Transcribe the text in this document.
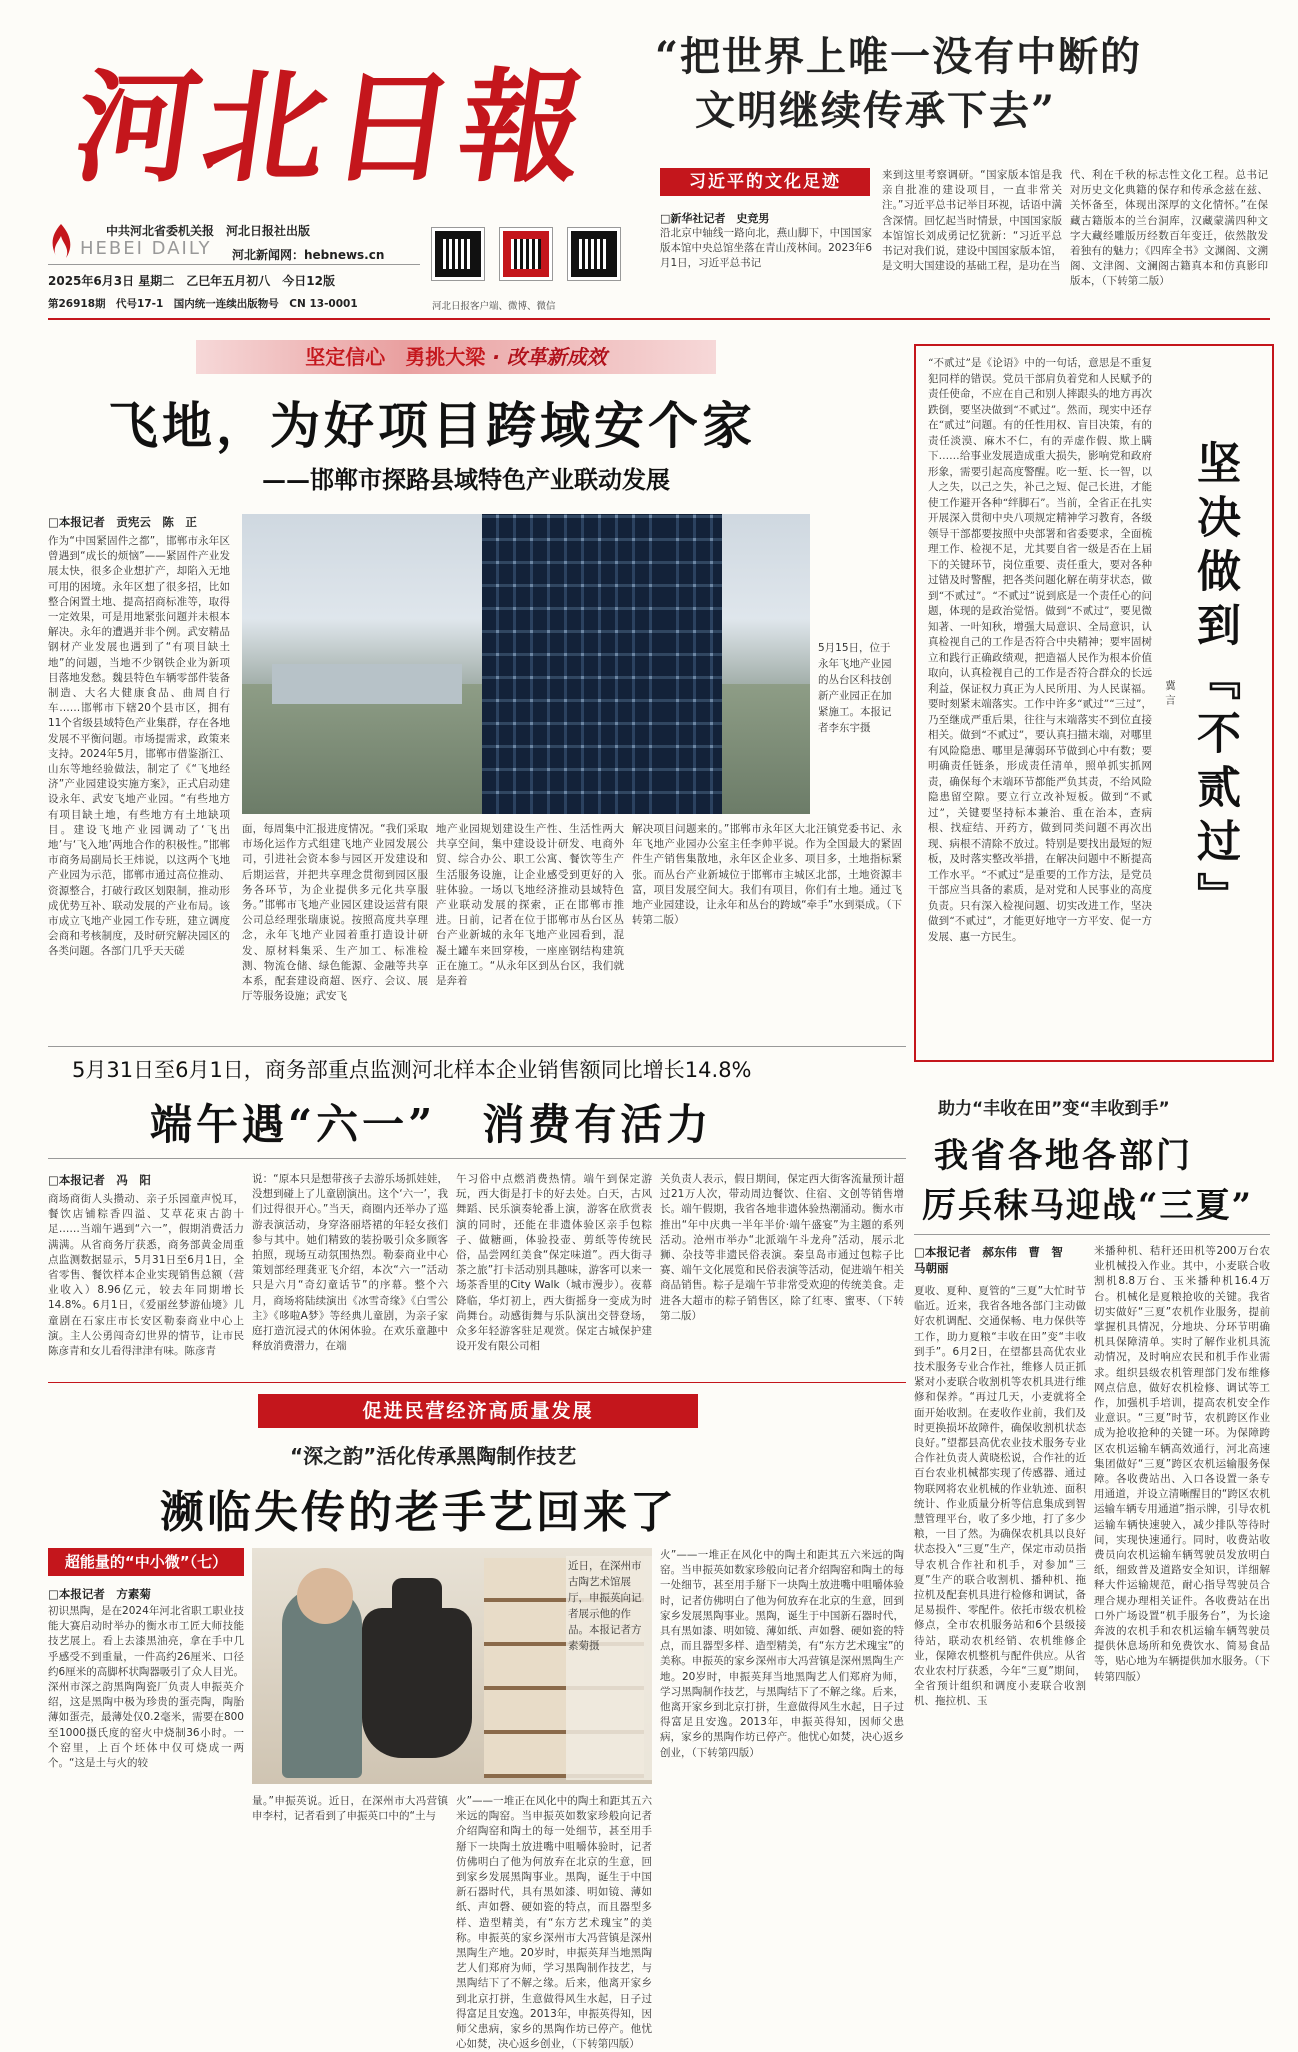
河北日報
中共河北省委机关报　河北日报社出版
HEBEI DAILY 河北新闻网：hebnews.cn
2025年6月3日 星期二　乙巳年五月初八　今日12版
第26918期　代号17-1　国内统一连续出版物号　CN 13-0001	河北日报客户端、微博、微信
“把世界上唯一没有中断的
文明继续传承下去”
习近平的文化足迹
□新华社记者　史竞男
沿北京中轴线一路向北，燕山脚下，中国国家版本馆中央总馆坐落在青山茂林间。2023年6月1日，习近平总书记
来到这里考察调研。“国家版本馆是我亲自批准的建设项目，一直非常关注。”习近平总书记举目环视，话语中满含深情。回忆起当时情景，中国国家版本馆馆长刘成勇记忆犹新：“习近平总书记对我们说，建设中国国家版本馆，是文明大国建设的基础工程，是功在当
代、利在千秋的标志性文化工程。总书记对历史文化典籍的保存和传承念兹在兹、关怀备至，体现出深厚的文化情怀。”在保藏古籍版本的兰台洞库，汉藏蒙满四种文字大藏经雕版历经数百年变迁，依然散发着独有的魅力；《四库全书》文渊阁、文溯阁、文津阁、文澜阁古籍真本和仿真影印版本，（下转第二版）
坚定信心　勇挑大梁 · 改革新成效
飞地，为好项目跨域安个家
——邯郸市探路县域特色产业联动发展
□本报记者　贡宪云　陈　正
作为“中国紧固件之都”，邯郸市永年区曾遇到“成长的烦恼”——紧固件产业发展太快，很多企业想扩产，却陷入无地可用的困境。永年区想了很多招，比如整合闲置土地、提高招商标准等，取得一定效果，可是用地紧张问题并未根本解决。永年的遭遇并非个例。武安精品钢材产业发展也遇到了“有项目缺土地”的问题，当地不少钢铁企业为新项目落地发愁。魏县特色车辆零部件装备制造、大名大健康食品、曲周自行车……邯郸市下辖20个县市区，拥有11个省级县域特色产业集群，存在各地发展不平衡问题。市场提需求，政策来支持。2024年5月，邯郸市借鉴浙江、山东等地经验做法，制定了《“飞地经济”产业园建设实施方案》，正式启动建设永年、武安飞地产业园。“有些地方有项目缺土地，有些地方有土地缺项目。建设飞地产业园调动了‘飞出地’与‘飞入地’两地合作的积极性。”邯郸市商务局副局长王炜说，以这两个飞地产业园为示范，邯郸市通过高位推动、资源整合，打破行政区划限制，推动形成优势互补、联动发展的产业布局。该市成立飞地产业园工作专班，建立调度会商和考核制度，及时研究解决园区的各类问题。各部门几乎天天磋
5月15日，位于永年飞地产业园的丛台区科技创新产业园正在加紧施工。本报记者李东宇摄
面，每周集中汇报进度情况。“我们采取市场化运作方式组建飞地产业园发展公司，引进社会资本参与园区开发建设和后期运营，并把共享理念贯彻到园区服务各环节，为企业提供多元化共享服务。”邯郸市飞地产业园区建设运营有限公司总经理张瑞康说。按照高度共享理念，永年飞地产业园着重打造设计研发、原材料集采、生产加工、标准检测、物流仓储、绿色能源、金融等共享本系，配套建设商超、医疗、会议、展厅等服务设施；武安飞
地产业园规划建设生产性、生活性两大共享空间，集中建设设计研发、电商外贸、综合办公、职工公寓、餐饮等生产生活服务设施，让企业感受到更好的入驻体验。一场以飞地经济推动县域特色产业联动发展的探索，正在邯郸市推进。日前，记者在位于邯郸市丛台区丛台产业新城的永年飞地产业园看到，混凝土罐车来回穿梭，一座座钢结构建筑正在施工。“从永年区到丛台区，我们就是奔着
解决项目问题来的。”邯郸市永年区大北汪镇党委书记、永年飞地产业园办公室主任李帅平说。作为全国最大的紧固件生产销售集散地，永年区企业多、项目多，土地指标紧张。而丛台产业新城位于邯郸市主城区北部，土地资源丰富，项目发展空间大。我们有项目，你们有土地。通过飞地产业园建设，让永年和丛台的跨域“牵手”水到渠成。（下转第二版）
“不贰过”是《论语》中的一句话，意思是不重复犯同样的错误。党员干部肩负着党和人民赋予的责任使命，不应在自己和别人摔跟头的地方再次跌倒，要坚决做到“不贰过”。然而，现实中还存在“贰过”问题。有的任性用权、盲目决策，有的责任淡漠、麻木不仁，有的弄虚作假、欺上瞒下……给事业发展造成重大损失，影响党和政府形象，需要引起高度警醒。吃一堑、长一智，以人之失，以己之失，补己之短、促己长进，才能使工作避开各种“绊脚石”。当前，全省正在扎实开展深入贯彻中央八项规定精神学习教育，各级领导干部都要按照中央部署和省委要求，全面梳理工作、检视不足，尤其要自省一级是否在上届下的关键环节，岗位重要、责任重大，要对各种过错及时警醒，把各类问题化解在萌芽状态，做到“不贰过”。“不贰过”说到底是一个责任心的问题，体现的是政治觉悟。做到“不贰过”，要见微知著、一叶知秋，增强大局意识、全局意识，认真检视自己的工作是否符合中央精神；要牢固树立和践行正确政绩观，把造福人民作为根本价值取向，认真检视自己的工作是否符合群众的长远利益，保证权力真正为人民所用、为人民谋福。要时刻紧末端落实。工作中许多“贰过”“三过”，乃至继成严重后果，往往与末端落实不到位直接相关。做到“不贰过”，要认真扫描末端，对哪里有风险隐患、哪里是薄弱环节做到心中有数；要明确责任链条，形成责任清单，照单抓实抓网责，确保每个末端环节都能严负其责，不给风险隐患留空隙。要立行立改补短板。做到“不贰过”，关键要坚持标本兼治、重在治本，查病根、找症结、开药方，做到同类问题不再次出现、病根不清除不放过。特别是要找出最短的短板，及时落实整改举措，在解决问题中不断提高工作水平。“不贰过”是重要的工作方法，是党员干部应当具备的素质，是对党和人民事业的高度负责。只有深入检视问题、切实改进工作，坚决做到“不贰过”，才能更好地守一方平安、促一方发展、惠一方民生。
坚决做到『不贰过』
冀言
5月31日至6月1日，商务部重点监测河北样本企业销售额同比增长14.8%
端午遇“六一”　消费有活力
□本报记者　冯　阳
商场商街人头攒动、亲子乐园童声悦耳，餐饮店铺粽香四溢、艾草花束古韵十足……当端午遇到“六一”，假期消费活力满满。从省商务厅获悉，商务部黄金周重点监测数据显示，5月31日至6月1日，全省零售、餐饮样本企业实现销售总额（营业收入）8.96亿元，较去年同期增长14.8%。6月1日，《爱丽丝梦游仙境》儿童剧在石家庄市长安区勒泰商业中心上演。主人公勇闯奇幻世界的情节，让市民陈彦青和女儿看得津津有味。陈彦青
说：“原本只是想带孩子去游乐场抓娃娃，没想到碰上了儿童剧演出。这个‘六一’，我们过得很开心。”当天，商圈内还举办了巡游表演活动，身穿洛丽塔裙的年轻女孩们参与其中。她们精致的装扮吸引众多顾客拍照，现场互动氛围热烈。勒泰商业中心策划部经理龚亚飞介绍，本次“六一”活动只是六月“奇幻童话节”的序幕。整个六月，商场将陆续演出《冰雪奇缘》《白雪公主》《哆啦A梦》等经典儿童剧，为亲子家庭打造沉浸式的休闲体验。在欢乐童趣中释放消费潜力，在端
午习俗中点燃消费热情。端午到保定游玩，西大街是打卡的好去处。白天，古风舞蹈、民乐演奏轮番上演，游客在欣赏表演的同时，还能在非遗体验区亲手包粽子、做糖画，体验投壶、剪纸等传统民俗，品尝网红美食“保定味道”。西大街寻茶之旅”打卡活动别具趣味，游客可以来一场茶香里的City Walk（城市漫步）。夜幕降临，华灯初上，西大街摇身一变成为时尚舞台。动感街舞与乐队演出交替登场，众多年轻游客驻足观赏。保定古城保护建设开发有限公司相
关负责人表示，假日期间，保定西大街客流量预计超过21万人次，带动周边餐饮、住宿、文创等销售增长。端午假期，我省各地非遗体验热潮涌动。衡水市推出“年中庆典一半年半价·端午盛宴”为主题的系列活动。沧州市举办“北派端午斗龙舟”活动，展示北狮、杂技等非遗民俗表演。秦皇岛市通过包粽子比赛、端午文化展览和民俗表演等活动，促进端午相关商品销售。粽子是端午节非常受欢迎的传统美食。走进各大超市的粽子销售区，除了红枣、蜜枣、（下转第二版）
助力“丰收在田”变“丰收到手”
我省各地各部门
厉兵秣马迎战“三夏”
□本报记者　郝东伟　曹　智　马朝丽
夏收、夏种、夏管的“三夏”大忙时节临近。近来，我省各地各部门主动做好农机调配、交通保畅、电力保供等工作，助力夏粮“丰收在田”变“丰收到手”。6月2日，在望都县高优农业技术服务专业合作社，维修人员正抓紧对小麦联合收割机等农机具进行维修和保养。“再过几天，小麦就将全面开始收割。在麦收作业前，我们及时更换损坏故障件，确保收割机状态良好。”望都县高优农业技术服务专业合作社负责人黄晓松说，合作社的近百台农业机械都实现了传感器、通过物联网将农业机械的作业轨迹、面积统计、作业质量分析等信息集成到智慧管理平台，收了多少地，打了多少粮，一目了然。为确保农机具以良好状态投入“三夏”生产，保定市动员指导农机合作社和机手，对参加“三夏”生产的联合收割机、播种机、拖拉机及配套机具进行检修和调试，备足易损件、零配件。依托市级农机检修点，全市农机服务站和6个县级接待站，联动农机经销、农机维修企业，保障农机整机与配件供应。从省农业农村厅获悉，今年“三夏”期间，全省预计组织和调度小麦联合收割机、拖拉机、玉
米播种机、秸秆还田机等200万台农业机械投入作业。其中，小麦联合收割机8.8万台、玉米播种机16.4万台。机械化是夏粮抢收的关键。我省切实做好“三夏”农机作业服务，提前掌握机具情况，分地块、分环节明确机具保障清单。实时了解作业机具流动情况，及时响应农民和机手作业需求。组织县级农机管理部门发布维修网点信息，做好农机检修、调试等工作，加强机手培训，提高农机安全作业意识。“三夏”时节，农机跨区作业成为抢收抢种的关键一环。为保障跨区农机运输车辆高效通行，河北高速集团做好“三夏”跨区农机运输服务保障。各收费站出、入口各设置一条专用通道，并设立清晰醒目的“跨区农机运输车辆专用通道”指示牌，引导农机运输车辆快速驶入，减少排队等待时间，实现快速通行。同时，收费站收费员向农机运输车辆驾驶员发放明白纸，细致普及道路安全知识，详细解释大件运输规范，耐心指导驾驶员合理合规办理相关证件。各收费站在出口外广场设置“机手服务台”，为长途奔波的农机手和农机运输车辆驾驶员提供休息场所和免费饮水、简易食品等，贴心地为车辆提供加水服务。（下转第四版）
促进民营经济高质量发展
“深之韵”活化传承黑陶制作技艺
濒临失传的老手艺回来了
超能量的“中小微”（七）
□本报记者　方素菊
初识黑陶，是在2024年河北省职工职业技能大赛启动时举办的衡水市工匠大师技能技艺展上。看上去漆黑油亮，拿在手中几乎感受不到重量，一件高约26厘米、口径约6厘米的高脚杯状陶器吸引了众人目光。深州市深之韵黑陶陶瓷厂负责人申振英介绍，这是黑陶中极为珍贵的蛋壳陶，陶胎薄如蛋壳，最薄处仅0.2毫米，需要在800至1000摄氏度的窑火中烧制36小时。一个窑里，上百个坯体中仅可烧成一两个。“这是土与火的较
近日，在深州市古陶艺术馆展厅，申振英向记者展示他的作品。本报记者方素菊摄
量。”申振英说。近日，在深州市大冯营镇申李村，记者看到了申振英口中的“土与
火”——一堆正在风化中的陶土和距其五六米远的陶窑。当申振英如数家珍般向记者介绍陶窑和陶土的每一处细节，甚至用手掰下一块陶土放进嘴中咀嚼体验时，记者仿佛明白了他为何放弃在北京的生意，回到家乡发展黑陶事业。黑陶，诞生于中国新石器时代，具有黑如漆、明如镜、薄如纸、声如磬、硬如瓷的特点，而且器型多样、造型精美，有“东方艺术瑰宝”的美称。申振英的家乡深州市大冯营镇是深州黑陶生产地。20岁时，申振英拜当地黑陶艺人们郑府为师，学习黑陶制作技艺，与黑陶结下了不解之缘。后来，他离开家乡到北京打拼，生意做得风生水起，日子过得富足且安逸。2013年，申振英得知，因师父患病，家乡的黑陶作坊已停产。他忧心如焚，决心返乡创业，（下转第四版）
火”——一堆正在风化中的陶土和距其五六米远的陶窑。当申振英如数家珍般向记者介绍陶窑和陶土的每一处细节，甚至用手掰下一块陶土放进嘴中咀嚼体验时，记者仿佛明白了他为何放弃在北京的生意，回到家乡发展黑陶事业。黑陶，诞生于中国新石器时代，具有黑如漆、明如镜、薄如纸、声如磬、硬如瓷的特点，而且器型多样、造型精美，有“东方艺术瑰宝”的美称。申振英的家乡深州市大冯营镇是深州黑陶生产地。20岁时，申振英拜当地黑陶艺人们郑府为师，学习黑陶制作技艺，与黑陶结下了不解之缘。后来，他离开家乡到北京打拼，生意做得风生水起，日子过得富足且安逸。2013年，申振英得知，因师父患病，家乡的黑陶作坊已停产。他忧心如焚，决心返乡创业，（下转第四版）
